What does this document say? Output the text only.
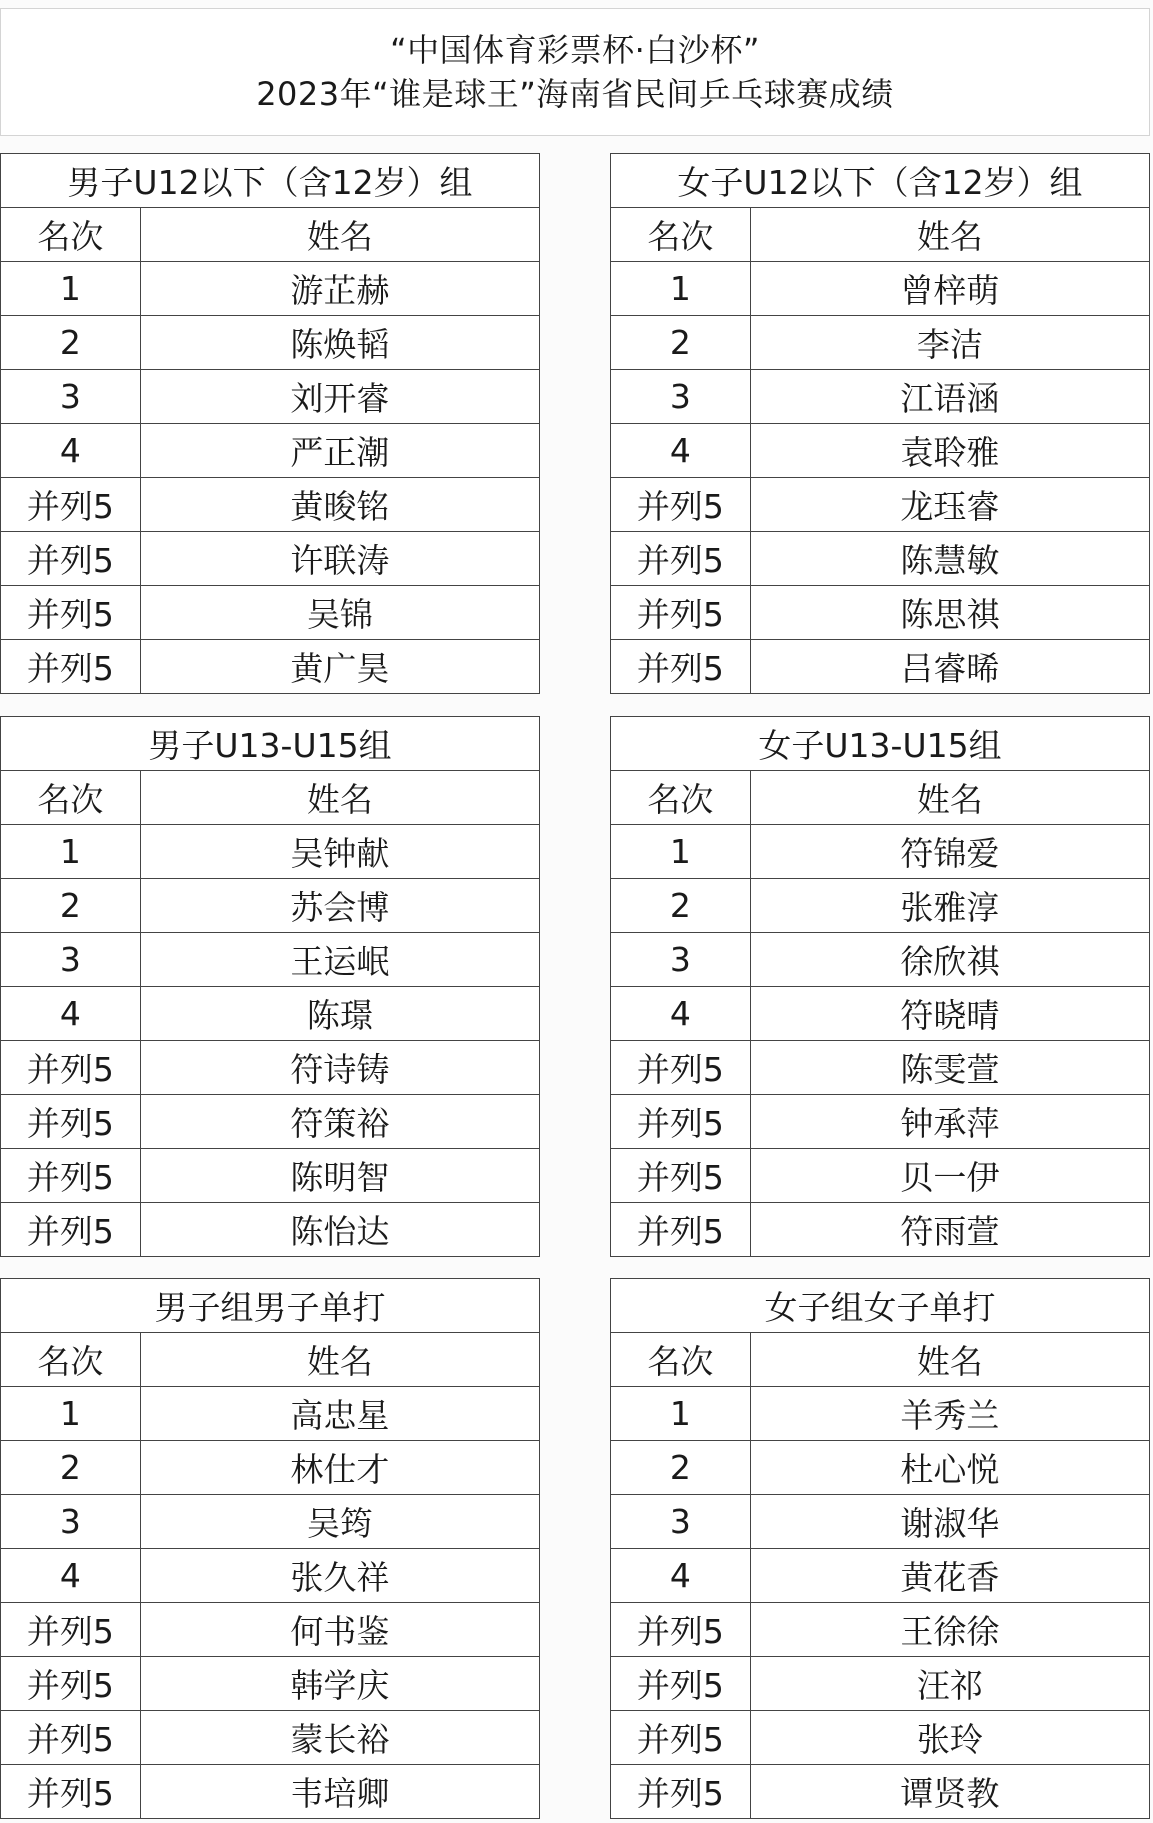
“中国体育彩票杯·白沙杯”
2023年“谁是球王”海南省民间乒乓球赛成绩
男子U12以下（含12岁）组
名次	姓名
1	游芷赫
2	陈焕韬
3	刘开睿
4	严正潮
并列5	黄晙铭
并列5	许联涛
并列5	吴锦
并列5	黄广昊
女子U12以下（含12岁）组
名次	姓名
1	曾梓萌
2	李洁
3	江语涵
4	袁聆雅
并列5	龙珏睿
并列5	陈慧敏
并列5	陈思祺
并列5	吕睿晞
男子U13-U15组
名次	姓名
1	吴钟献
2	苏会博
3	王运岷
4	陈璟
并列5	符诗铸
并列5	符策裕
并列5	陈明智
并列5	陈怡达
女子U13-U15组
名次	姓名
1	符锦爱
2	张雅淳
3	徐欣祺
4	符晓晴
并列5	陈雯萱
并列5	钟承萍
并列5	贝一伊
并列5	符雨萱
男子组男子单打
名次	姓名
1	高忠星
2	林仕才
3	吴筠
4	张久祥
并列5	何书鉴
并列5	韩学庆
并列5	蒙长裕
并列5	韦培卿
女子组女子单打
名次	姓名
1	羊秀兰
2	杜心悦
3	谢淑华
4	黄花香
并列5	王徐徐
并列5	汪祁
并列5	张玲
并列5	谭贤教
